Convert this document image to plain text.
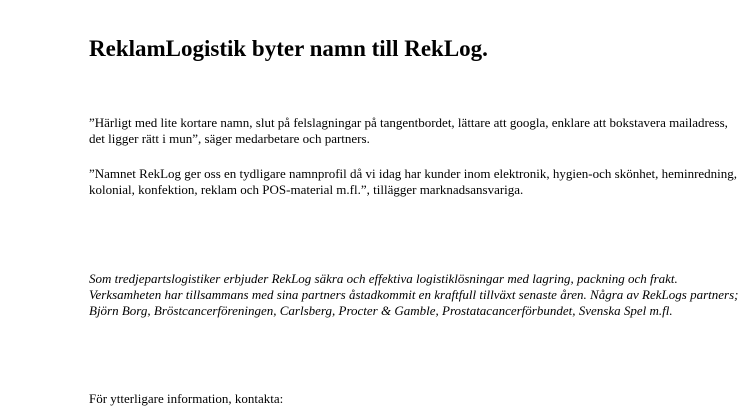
ReklamLogistik byter namn till RekLog.

”Härligt med lite kortare namn, slut på felslagningar på tangentbordet, lättare att googla, enklare att bokstavera mailadress, det ligger rätt i mun”, säger medarbetare och partners.

”Namnet RekLog ger oss en tydligare namnprofil då vi idag har kunder inom elektronik, hygien-och skönhet, heminredning, kolonial, konfektion, reklam och POS-material m.fl.”, tillägger marknadsansvariga.

Som tredjepartslogistiker erbjuder RekLog säkra och effektiva logistiklösningar med lagring, packning och frakt. Verksamheten har tillsammans med sina partners åstadkommit en kraftfull tillväxt senaste åren. Några av RekLogs partners; Björn Borg, Bröstcancerföreningen, Carlsberg, Procter & Gamble, Prostatacancerförbundet, Svenska Spel m.fl.

För ytterligare information, kontakta:
